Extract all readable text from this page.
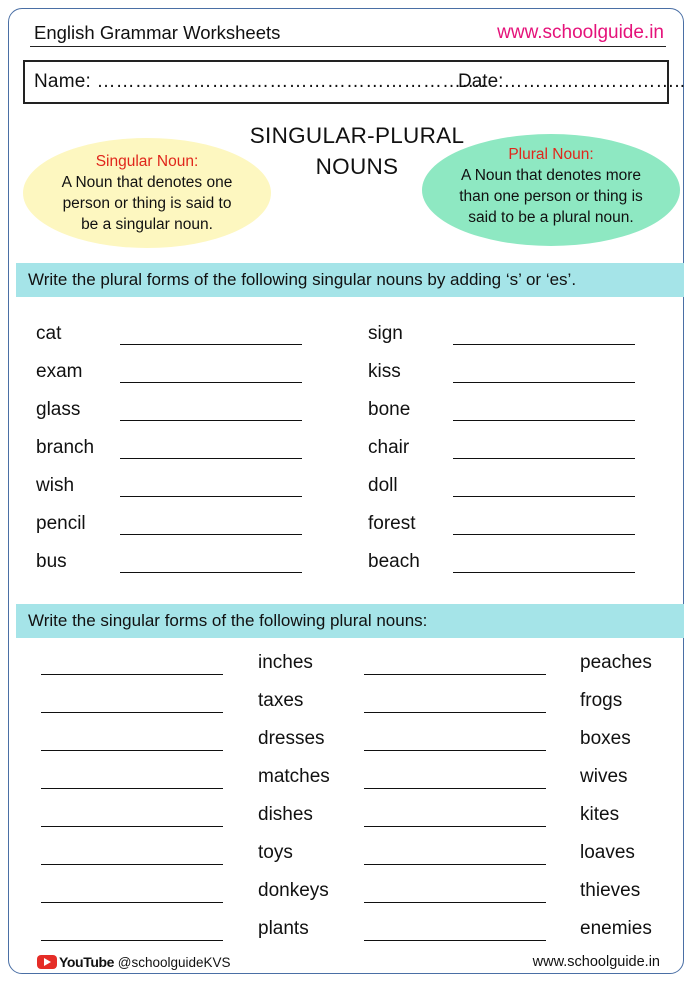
English Grammar Worksheets	www.schoolguide.in
Name: …………………………………………………….
Date:………………………..
SINGULAR-PLURAL
NOUNS
Singular Noun:
A Noun that denotes one
person or thing is said to
be a singular noun.
Plural Noun:
A Noun that denotes more
than one person or thing is
said to be a plural noun.
Write the plural forms of the following singular nouns by adding ‘s’ or ‘es’.
cat
exam
glass
branch
wish
pencil
bus
sign
kiss
bone
chair
doll
forest
beach
Write the singular forms of the following plural nouns:
inches
taxes
dresses
matches
dishes
toys
donkeys
plants
peaches
frogs
boxes
wives
kites
loaves
thieves
enemies
YouTube @schoolguideKVS	www.schoolguide.in
